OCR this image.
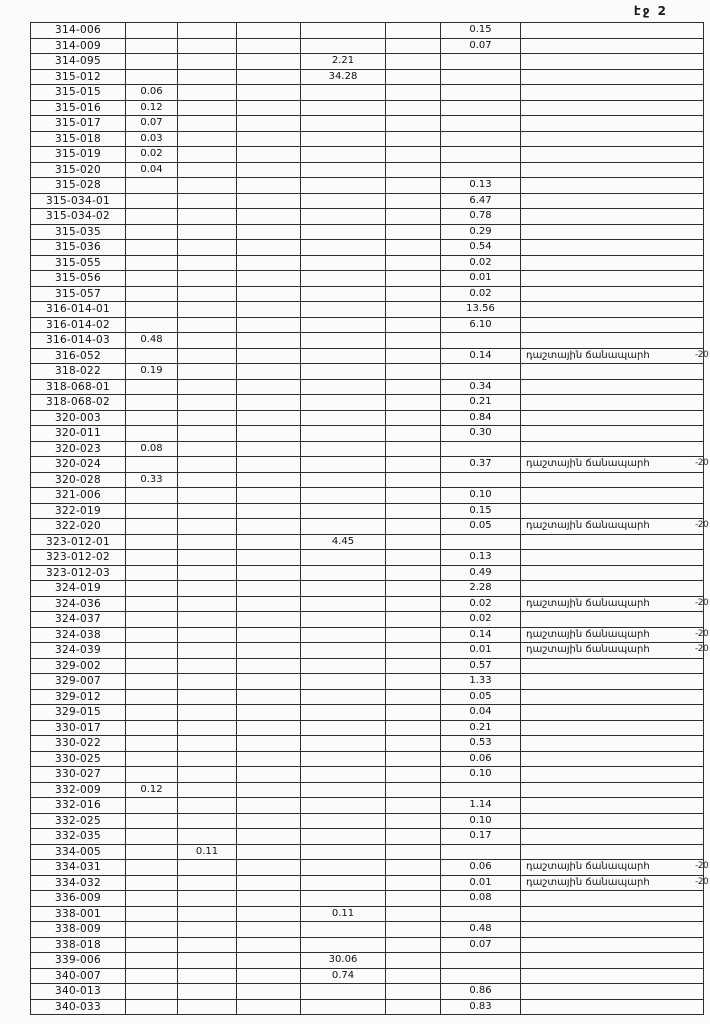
էջ 2
314-006						0.15	
314-009						0.07	
314-095				2.21			
315-012				34.28			
315-015	0.06						
315-016	0.12						
315-017	0.07						
315-018	0.03						
315-019	0.02						
315-020	0.04						
315-028						0.13	
315-034-01						6.47	
315-034-02						0.78	
315-035						0.29	
315-036						0.54	
315-055						0.02	
315-056						0.01	
315-057						0.02	
316-014-01						13.56	
316-014-02						6.10	
316-014-03	0.48						
316-052						0.14	դաշտային ճանապարհ -20

318-022	0.19						
318-068-01						0.34	
318-068-02						0.21	
320-003						0.84	
320-011						0.30	
320-023	0.08						
320-024						0.37	դաշտային ճանապարհ -20

320-028	0.33						
321-006						0.10	
322-019						0.15	
322-020						0.05	դաշտային ճանապարհ -20

323-012-01				4.45			
323-012-02						0.13	
323-012-03						0.49	
324-019						2.28	
324-036						0.02	դաշտային ճանապարհ -20

324-037						0.02	
324-038						0.14	դաշտային ճանապարհ -20

324-039						0.01	դաշտային ճանապարհ -20

329-002						0.57	
329-007						1.33	
329-012						0.05	
329-015						0.04	
330-017						0.21	
330-022						0.53	
330-025						0.06	
330-027						0.10	
332-009	0.12						
332-016						1.14	
332-025						0.10	
332-035						0.17	
334-005		0.11					
334-031						0.06	դաշտային ճանապարհ -20

334-032						0.01	դաշտային ճանապարհ -20

336-009						0.08	
338-001				0.11			
338-009						0.48	
338-018						0.07	
339-006				30.06			
340-007				0.74			
340-013						0.86	
340-033						0.83	
